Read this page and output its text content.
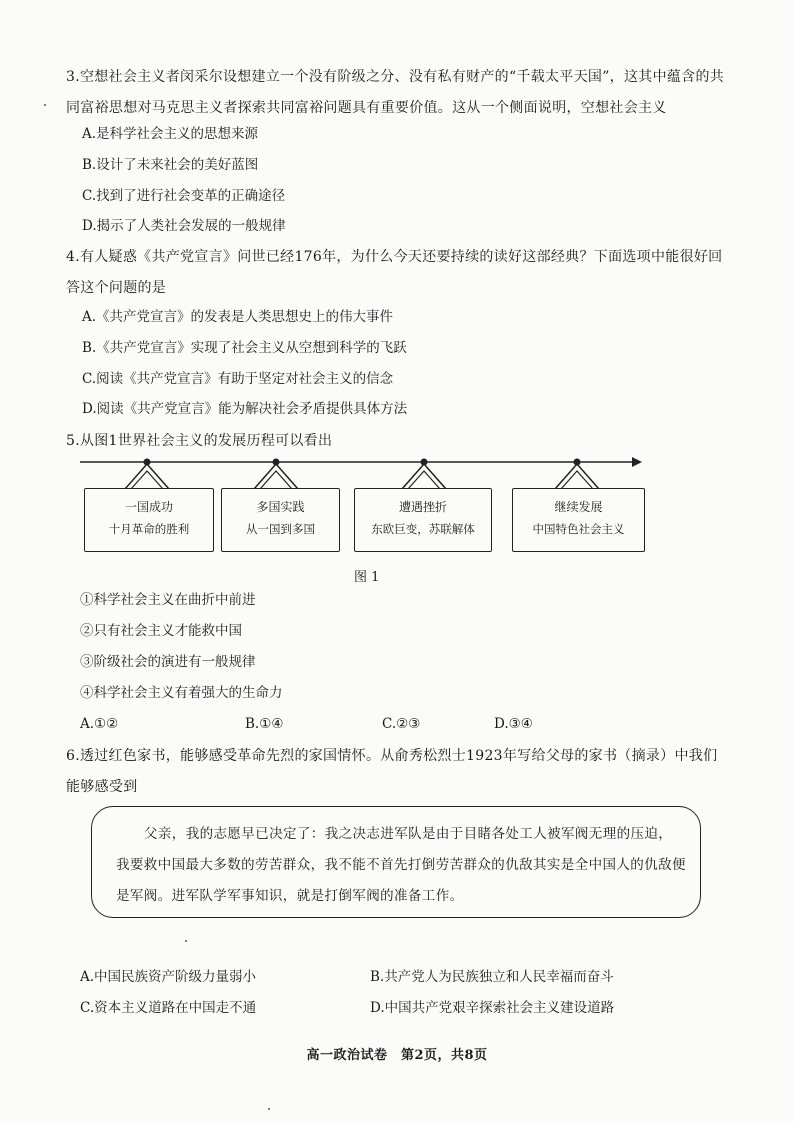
3.空想社会主义者闵采尔设想建立一个没有阶级之分、没有私有财产的“千载太平天国”，这其中蕴含的共同富裕思想对马克思主义者探索共同富裕问题具有重要价值。这从一个侧面说明，空想社会主义
A.是科学社会主义的思想来源
B.设计了未来社会的美好蓝图
C.找到了进行社会变革的正确途径
D.揭示了人类社会发展的一般规律
4.有人疑惑《共产党宣言》问世已经176年，为什么今天还要持续的读好这部经典？下面选项中能很好回答这个问题的是
A.《共产党宣言》的发表是人类思想史上的伟大事件
B.《共产党宣言》实现了社会主义从空想到科学的飞跃
C.阅读《共产党宣言》有助于坚定对社会主义的信念
D.阅读《共产党宣言》能为解决社会矛盾提供具体方法
5.从图1世界社会主义的发展历程可以看出
一国成功
十月革命的胜利
多国实践
从一国到多国
遭遇挫折
东欧巨变，苏联解体
继续发展
中国特色社会主义
图 1
①科学社会主义在曲折中前进
②只有社会主义才能救中国
③阶级社会的演进有一般规律
④科学社会主义有着强大的生命力
A.①②	B.①④	C.②③	D.③④
6.透过红色家书，能够感受革命先烈的家国情怀。从俞秀松烈士1923年写给父母的家书（摘录）中我们能够感受到
父亲，我的志愿早已决定了：我之决志进军队是由于目睹各处工人被军阀无理的压迫，我要救中国最大多数的劳苦群众，我不能不首先打倒劳苦群众的仇敌其实是全中国人的仇敌便是军阀。进军队学军事知识，就是打倒军阀的准备工作。
A.中国民族资产阶级力量弱小	B.共产党人为民族独立和人民幸福而奋斗
C.资本主义道路在中国走不通	D.中国共产党艰辛探索社会主义建设道路
高一政治试卷　第2页，共8页
